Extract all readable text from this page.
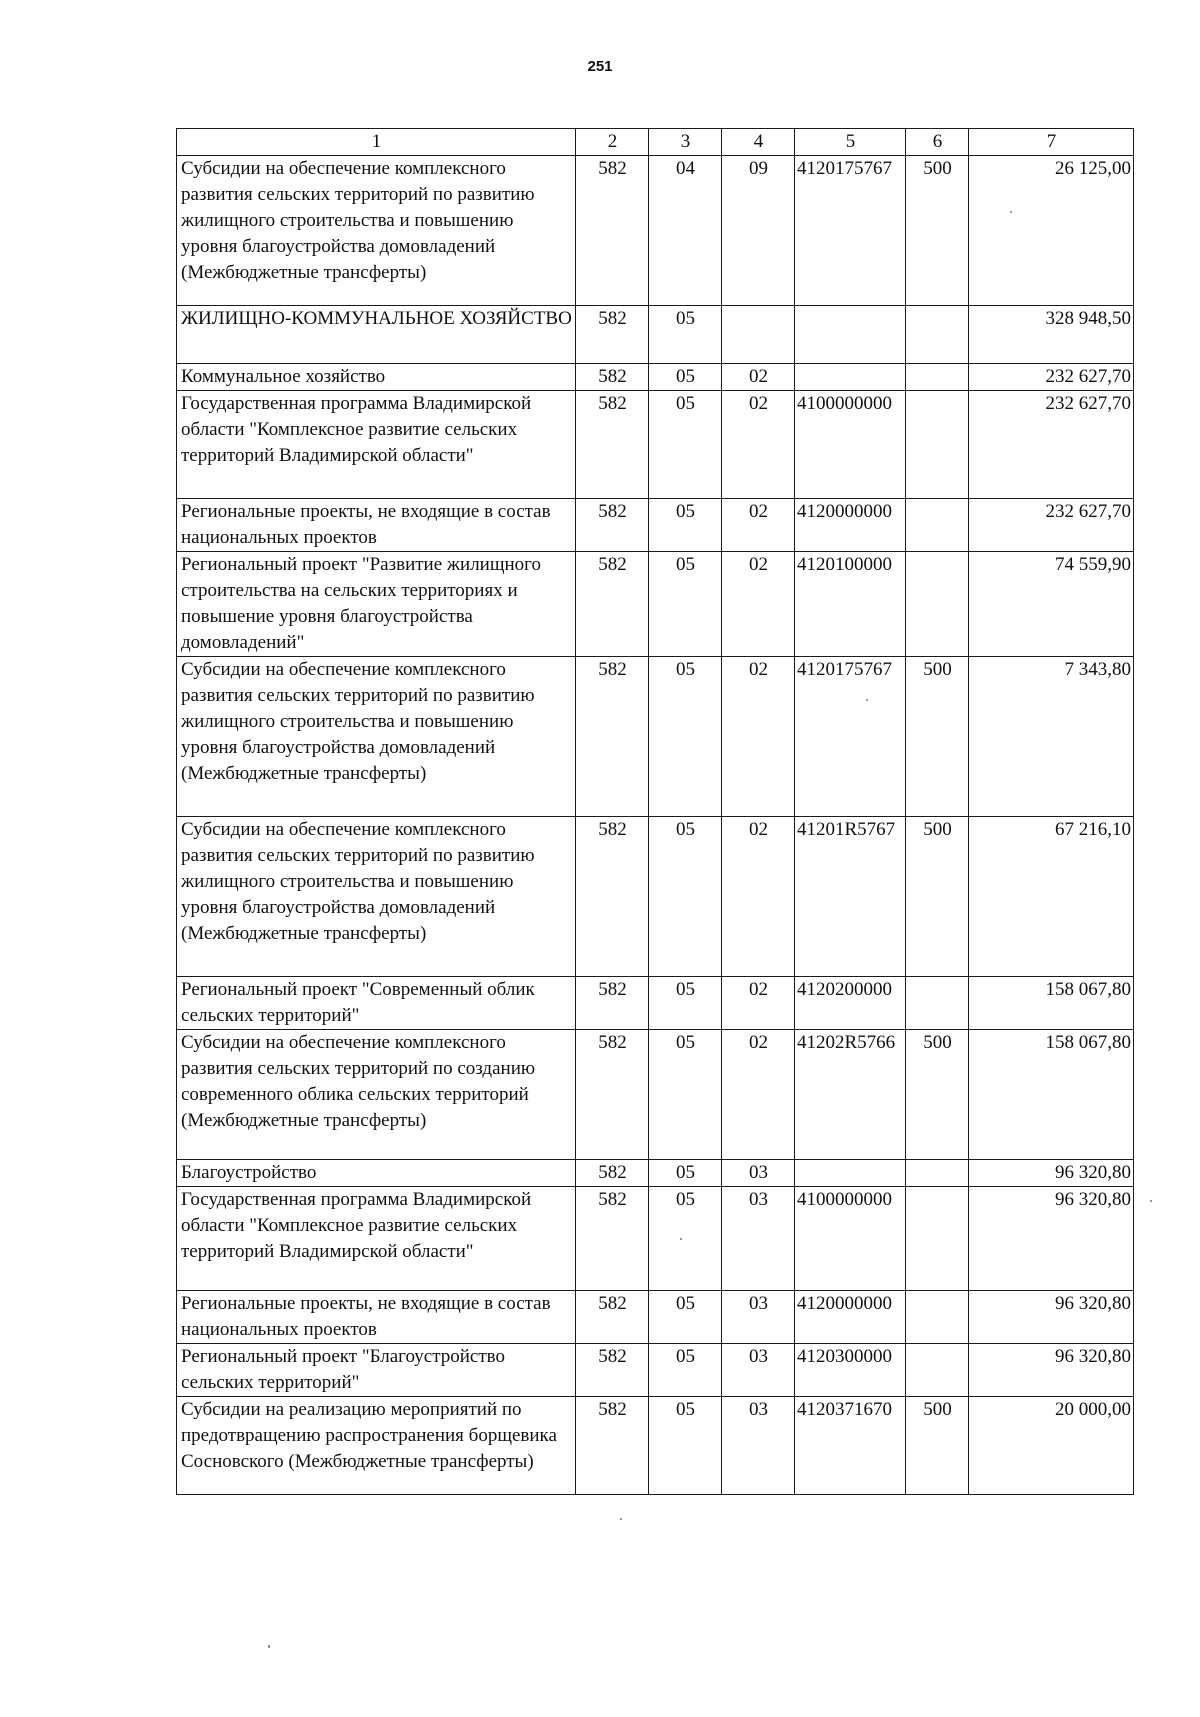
251
1	2	3	4	5	6	7
Субсидии на обеспечение комплексного развития сельских территорий по развитию жилищного строительства и повышению уровня благоустройства домовладений (Межбюджетные трансферты)	582	04	09	4120175767	500	26 125,00
ЖИЛИЩНО-КОММУНАЛЬНОЕ ХОЗЯЙСТВО	582	05				328 948,50
Коммунальное хозяйство	582	05	02			232 627,70
Государственная программа Владимирской области "Комплексное развитие сельских территорий Владимирской области"	582	05	02	4100000000		232 627,70
Региональные проекты, не входящие в состав национальных проектов	582	05	02	4120000000		232 627,70
Региональный проект "Развитие жилищного строительства на сельских территориях и повышение уровня благоустройства домовладений"	582	05	02	4120100000		74 559,90
Субсидии на обеспечение комплексного развития сельских территорий по развитию жилищного строительства и повышению уровня благоустройства домовладений (Межбюджетные трансферты)	582	05	02	4120175767	500	7 343,80
Субсидии на обеспечение комплексного развития сельских территорий по развитию жилищного строительства и повышению уровня благоустройства домовладений (Межбюджетные трансферты)	582	05	02	41201R5767	500	67 216,10
Региональный проект "Современный облик сельских территорий"	582	05	02	4120200000		158 067,80
Субсидии на обеспечение комплексного развития сельских территорий по созданию современного облика сельских территорий (Межбюджетные трансферты)	582	05	02	41202R5766	500	158 067,80
Благоустройство	582	05	03			96 320,80
Государственная программа Владимирской области "Комплексное развитие сельских территорий Владимирской области"	582	05	03	4100000000		96 320,80
Региональные проекты, не входящие в состав национальных проектов	582	05	03	4120000000		96 320,80
Региональный проект "Благоустройство сельских территорий"	582	05	03	4120300000		96 320,80
Субсидии на реализацию мероприятий по предотвращению распространения борщевика Сосновского (Межбюджетные трансферты)	582	05	03	4120371670	500	20 000,00
